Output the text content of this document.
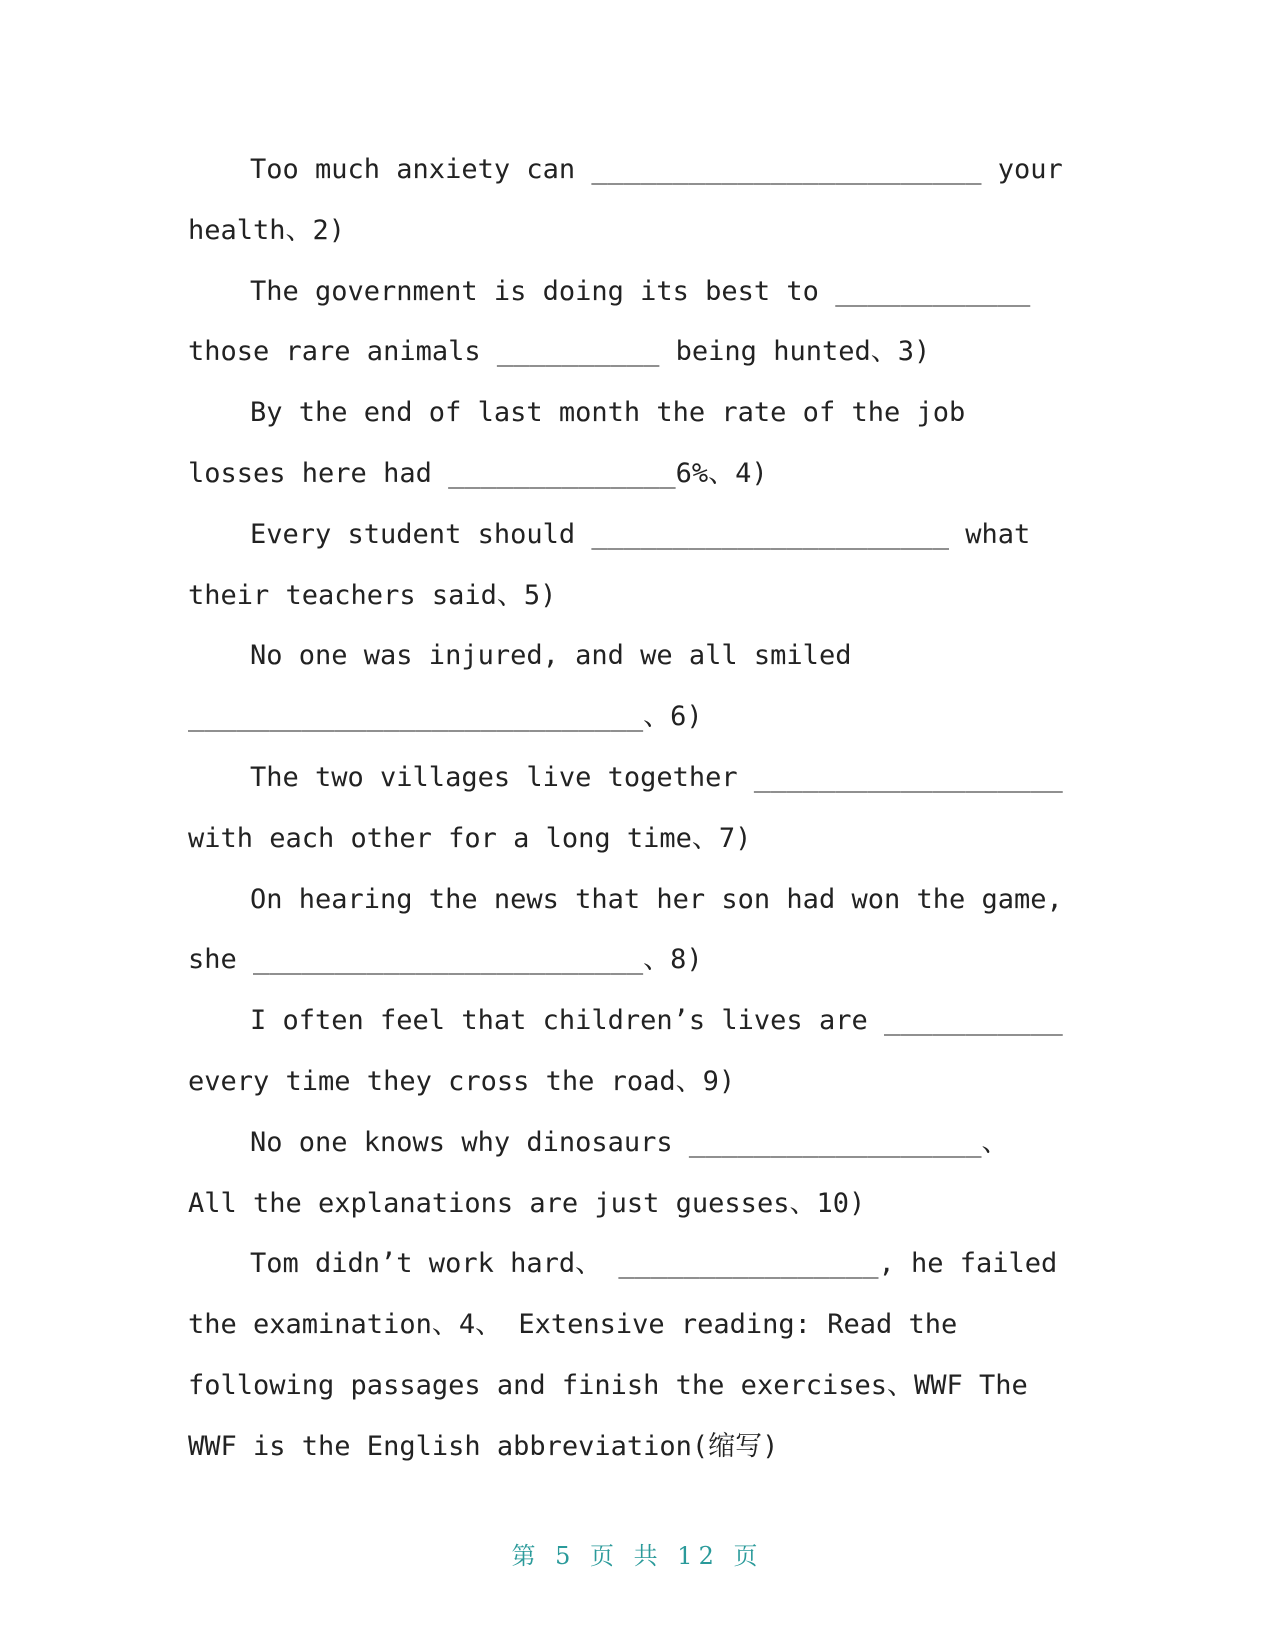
Too much anxiety can ________________________ your health、2)

The government is doing its best to ____________ those rare animals __________ being hunted、3)

By the end of last month the rate of the job losses here had ______________6%、4)

Every student should ______________________ what their teachers said、5)

No one was injured, and we all smiled ____________________________、6)

The two villages live together ___________________ with each other for a long time、7)

On hearing the news that her son had won the game, she ________________________、8)

I often feel that children’s lives are ___________ every time they cross the road、9)

No one knows why dinosaurs __________________、 All the explanations are just guesses、10)

Tom didn’t work hard、 ________________, he failed the examination、4、 Extensive reading: Read the following passages and finish the exercises、WWF The WWF is the English abbreviation(缩写)

第 5 页 共 12 页
